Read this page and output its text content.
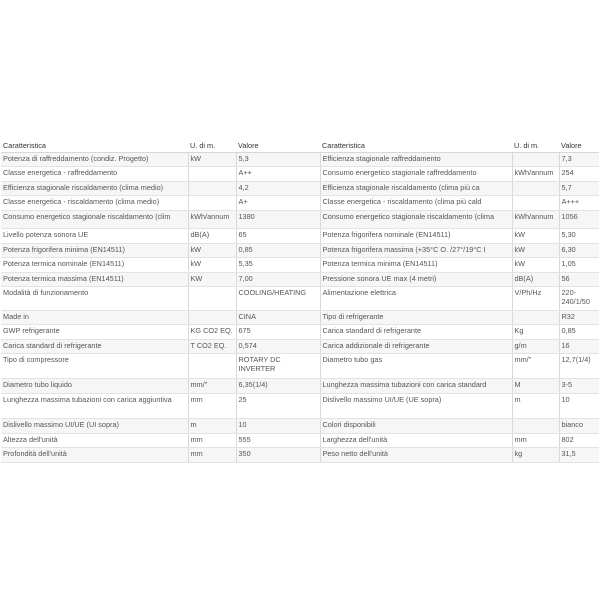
Caratteristica	U. di m.	Valore	Caratteristica	U. di m.	Valore
Potenza di raffreddamento (condiz. Progetto)	kW	5,3	Efficienza stagionale raffreddamento		7,3
Classe energetica - raffreddamento		A++	Consumo energetico stagionale raffreddamento	kWh/annum	254
Efficienza stagionale riscaldamento (clima medio)		4,2	Efficienza stagionale riscaldamento (clima più ca		5,7
Classe energetica - riscaldamento (clima medio)		A+	Classe energetica - riscaldamento (clima più cald		A+++
Consumo energetico stagionale riscaldamento (clim	kWh/annum	1380	Consumo energetico stagionale riscaldamento (clima	kWh/annum	1056
Livello potenza sonora UE	dB(A)	65	Potenza frigorifera nominale (EN14511)	kW	5,30
Potenza frigorifera minima (EN14511)	kW	0,85	Potenza frigorifera massima (+35°C O. /27°/19°C I	kW	6,30
Potenza termica nominale (EN14511)	kW	5,35	Potenza termica minima (EN14511)	kW	1,05
Potenza termica massima (EN14511)	KW	7,00	Pressione sonora UE max (4 metri)	dB(A)	56
Modalità di funzionamento		COOLING/HEATING	Alimentazione elettrica	V/Ph/Hz	220-240/1/50
Made in		CINA	Tipo di refrigerante		R32
GWP refrigerante	KG CO2 EQ.	675	Carica standard di refrigerante	Kg	0,85
Carica standard di refrigerante	T CO2 EQ.	0,574	Carica addizionale di refrigerante	g/m	16
Tipo di compressore		ROTARY DC INVERTER	Diametro tubo gas	mm/"	12,7(1/4)
Diametro tubo liquido	mm/"	6,35(1/4)	Lunghezza massima tubazioni con carica standard	M	3-5
Lunghezza massima tubazioni con carica aggiuntiva	mm	25	Dislivello massimo UI/UE (UE sopra)	m	10
Dislivello massimo UI/UE (UI sopra)	m	10	Colori disponibili		bianco
Altezza dell'unità	mm	555	Larghezza dell'unità	mm	802
Profondità dell'unità	mm	350	Peso netto dell'unità	kg	31,5
